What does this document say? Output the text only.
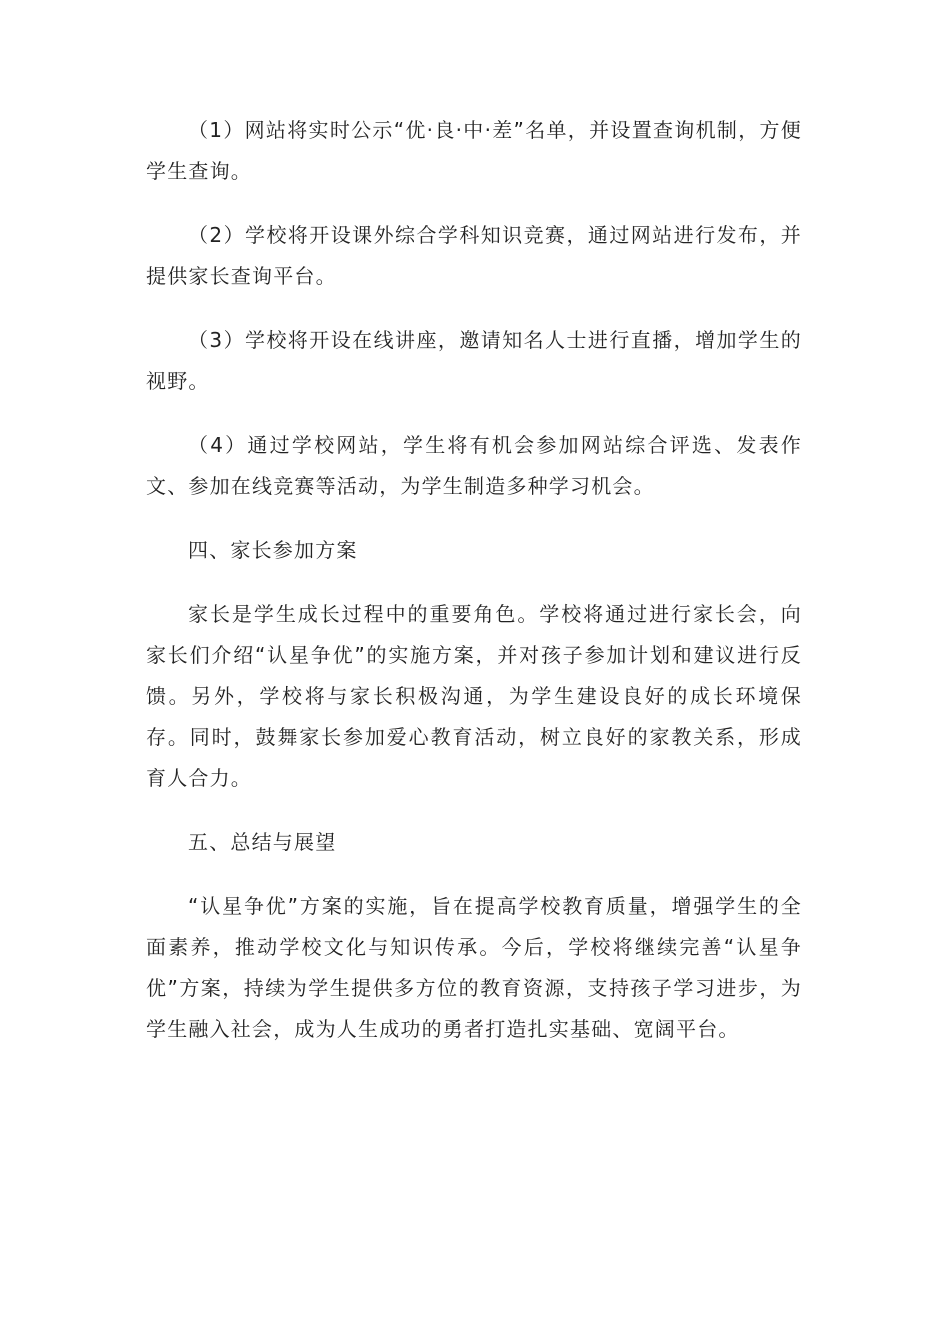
（1）网站将实时公示“优·良·中·差”名单，并设置查询机制，方便学生查询。

（2）学校将开设课外综合学科知识竞赛，通过网站进行发布，并提供家长查询平台。

（3）学校将开设在线讲座，邀请知名人士进行直播，增加学生的视野。

（4）通过学校网站，学生将有机会参加网站综合评选、发表作文、参加在线竞赛等活动，为学生制造多种学习机会。

四、家长参加方案

家长是学生成长过程中的重要角色。学校将通过进行家长会，向家长们介绍“认星争优”的实施方案，并对孩子参加计划和建议进行反馈。另外，学校将与家长积极沟通，为学生建设良好的成长环境保存。同时，鼓舞家长参加爱心教育活动，树立良好的家教关系，形成育人合力。

五、总结与展望

“认星争优”方案的实施，旨在提高学校教育质量，增强学生的全面素养，推动学校文化与知识传承。今后，学校将继续完善“认星争优”方案，持续为学生提供多方位的教育资源，支持孩子学习进步，为学生融入社会，成为人生成功的勇者打造扎实基础、宽阔平台。
